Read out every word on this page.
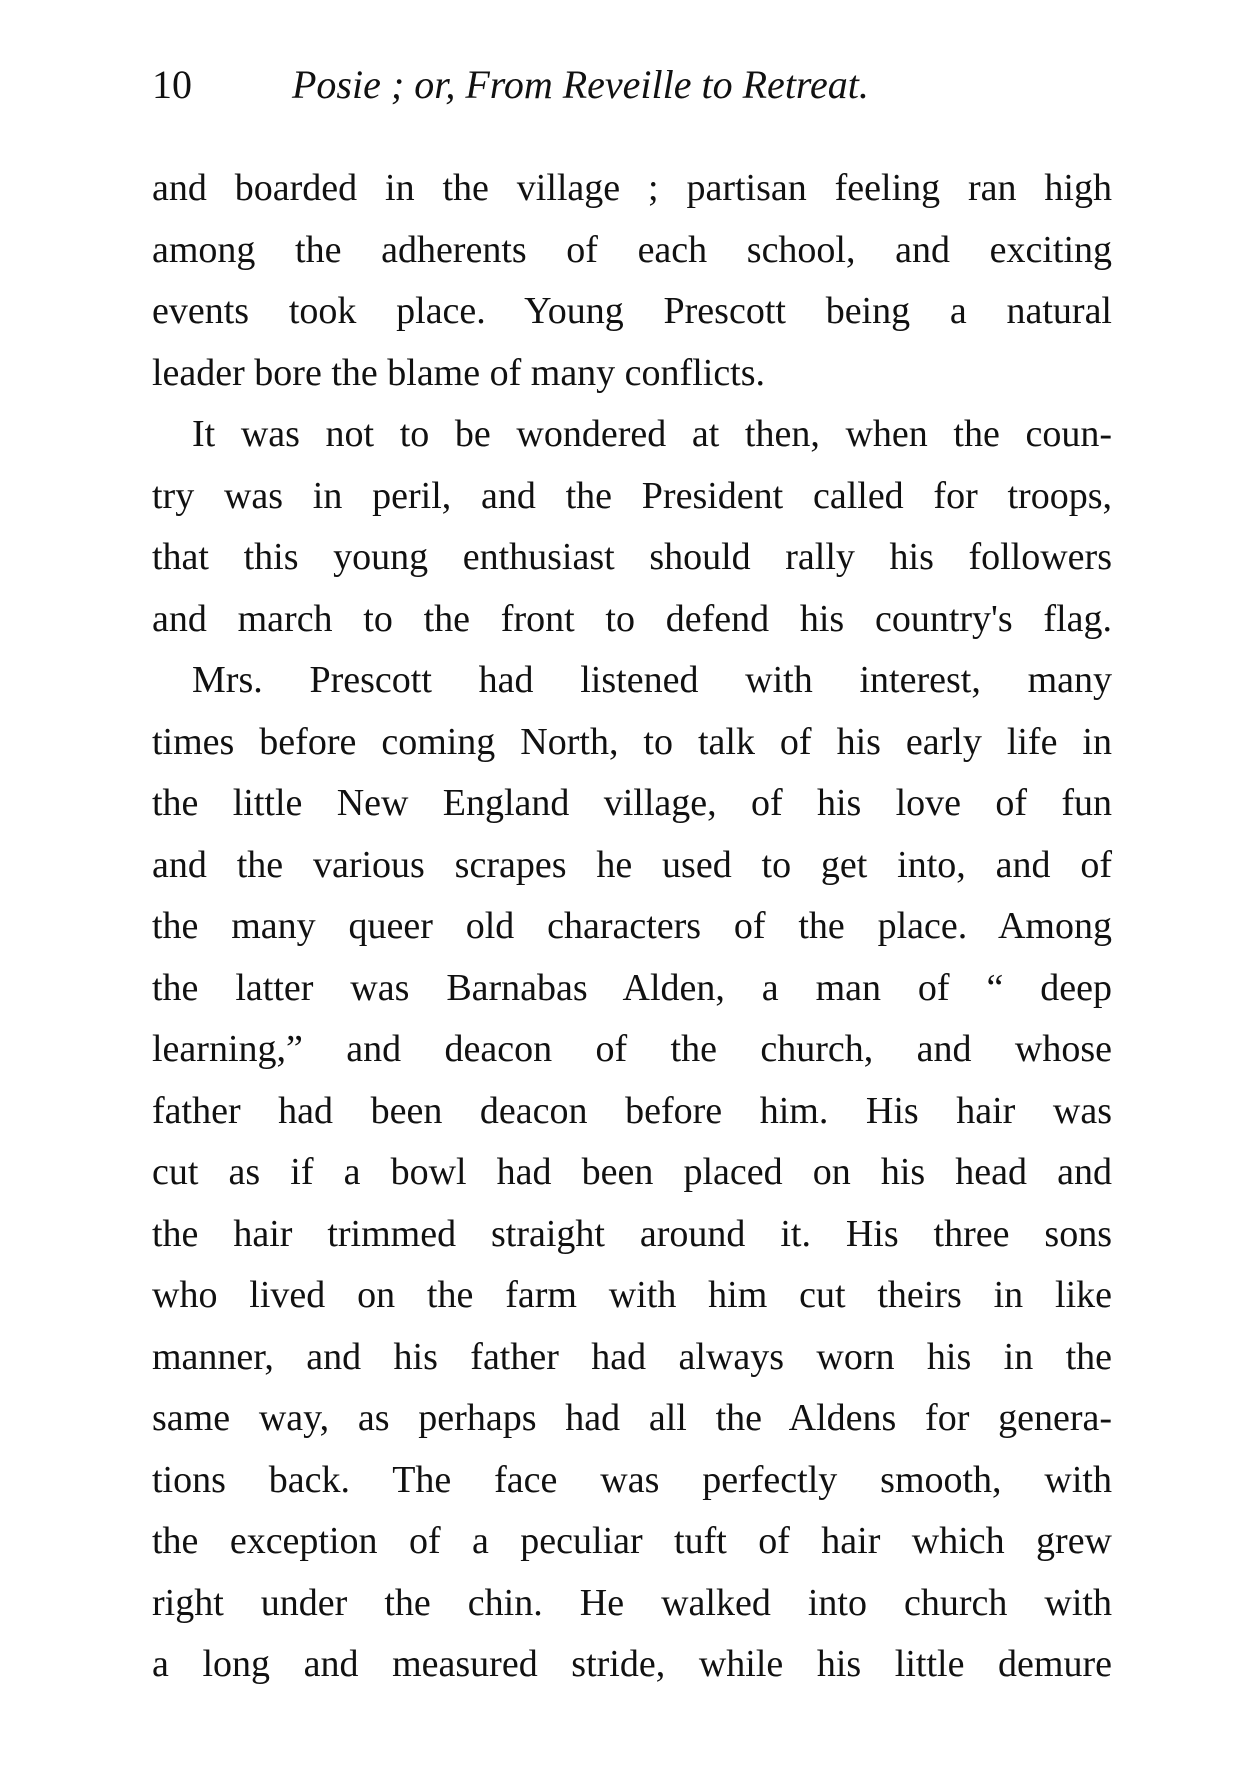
10	Posie ; or, From Reveille to Retreat.
and boarded in the village ; partisan feeling ran high
among the adherents of each school, and exciting
events took place. Young Prescott being a natural
leader bore the blame of many conflicts.
It was not to be wondered at then, when the coun-
try was in peril, and the President called for troops,
that this young enthusiast should rally his followers
and march to the front to defend his country's flag.
Mrs. Prescott had listened with interest, many
times before coming North, to talk of his early life in
the little New England village, of his love of fun
and the various scrapes he used to get into, and of
the many queer old characters of the place. Among
the latter was Barnabas Alden, a man of “ deep
learning,” and deacon of the church, and whose
father had been deacon before him. His hair was
cut as if a bowl had been placed on his head and
the hair trimmed straight around it. His three sons
who lived on the farm with him cut theirs in like
manner, and his father had always worn his in the
same way, as perhaps had all the Aldens for genera-
tions back. The face was perfectly smooth, with
the exception of a peculiar tuft of hair which grew
right under the chin. He walked into church with
a long and measured stride, while his little demure
